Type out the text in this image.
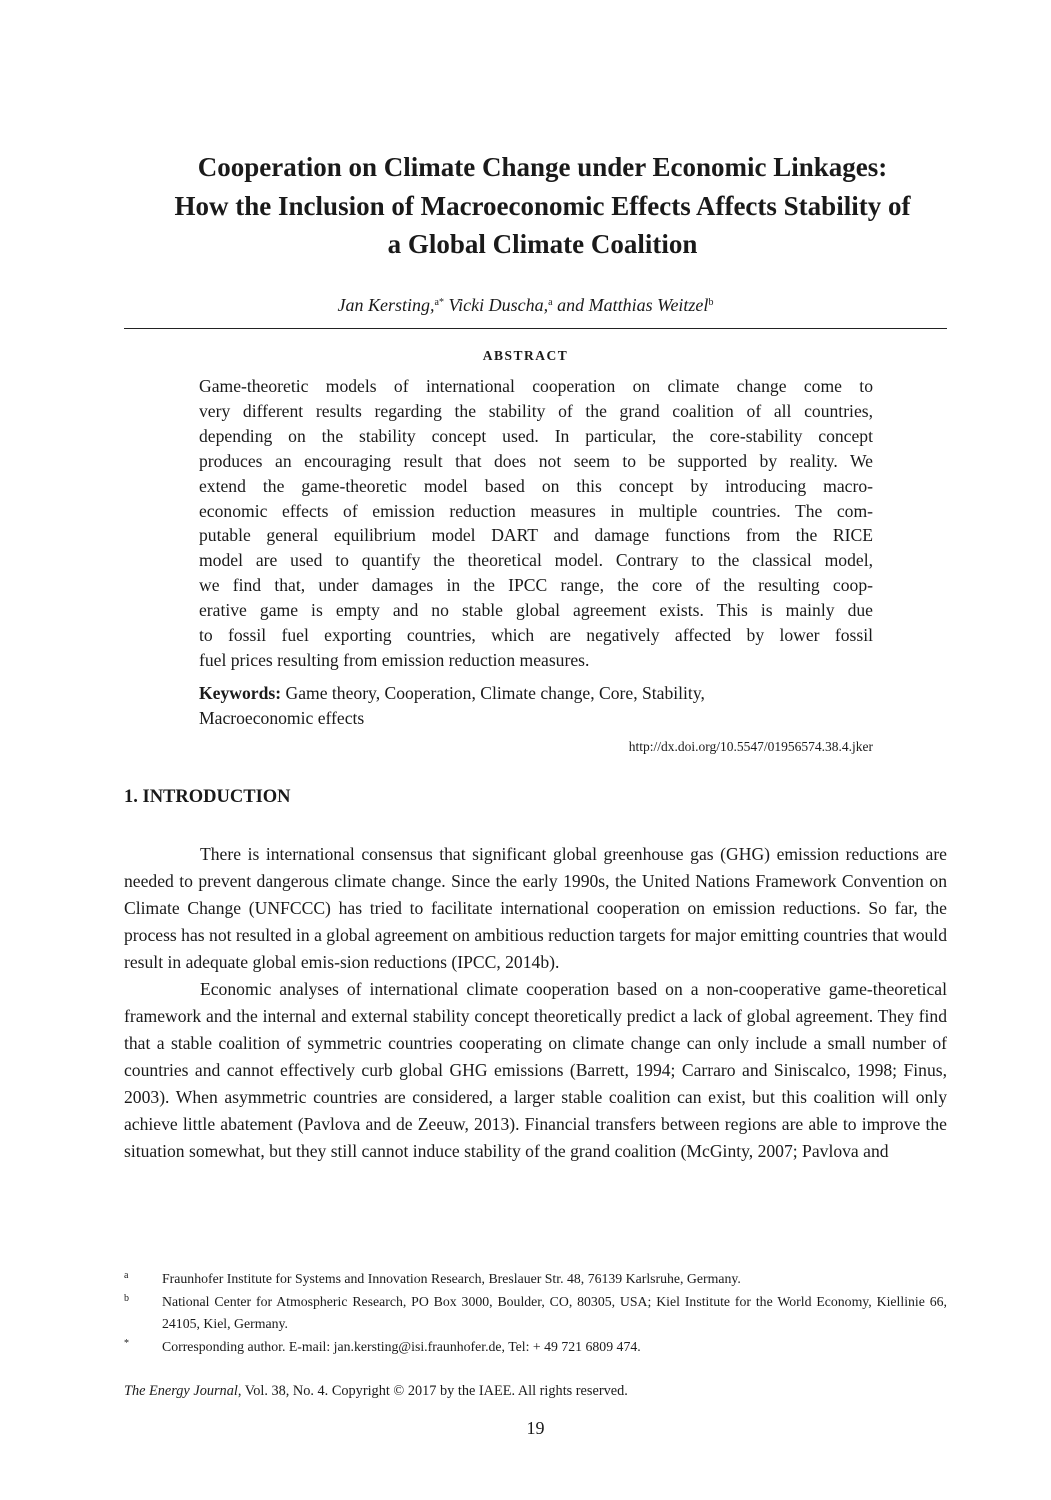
Cooperation on Climate Change under Economic Linkages:
How the Inclusion of Macroeconomic Effects Affects Stability of
a Global Climate Coalition
Jan Kersting,$^{a*}$ Vicki Duscha,$^a$ and Matthias Weitzel$^b$
ABSTRACT

Game-theoretic models of international cooperation on climate change come to
very different results regarding the stability of the grand coalition of all countries,
depending on the stability concept used. In particular, the core-stability concept
produces an encouraging result that does not seem to be supported by reality. We
extend the game-theoretic model based on this concept by introducing macro-
economic effects of emission reduction measures in multiple countries. The com-
putable general equilibrium model DART and damage functions from the RICE
model are used to quantify the theoretical model. Contrary to the classical model,
we find that, under damages in the IPCC range, the core of the resulting coop-
erative game is empty and no stable global agreement exists. This is mainly due
to fossil fuel exporting countries, which are negatively affected by lower fossil
fuel prices resulting from emission reduction measures.

Keywords: Game theory, Cooperation, Climate change, Core, Stability,
Macroeconomic effects
http://dx.doi.org/10.5547/01956574.38.4.jker
1. INTRODUCTION

There is international consensus that significant global greenhouse gas (GHG) emission reductions are needed to prevent dangerous climate change. Since the early 1990s, the United Nations Framework Convention on Climate Change (UNFCCC) has tried to facilitate international cooperation on emission reductions. So far, the process has not resulted in a global agreement on ambitious reduction targets for major emitting countries that would result in adequate global emis-sion reductions (IPCC, 2014b).

Economic analyses of international climate cooperation based on a non-cooperative game-theoretical framework and the internal and external stability concept theoretically predict a lack of global agreement. They find that a stable coalition of symmetric countries cooperating on climate change can only include a small number of countries and cannot effectively curb global GHG emissions (Barrett, 1994; Carraro and Siniscalco, 1998; Finus, 2003). When asymmetric countries are considered, a larger stable coalition can exist, but this coalition will only achieve little abatement (Pavlova and de Zeeuw, 2013). Financial transfers between regions are able to improve the situation somewhat, but they still cannot induce stability of the grand coalition (McGinty, 2007; Pavlova and

a Fraunhofer Institute for Systems and Innovation Research, Breslauer Str. 48, 76139 Karlsruhe, Germany.
b National Center for Atmospheric Research, PO Box 3000, Boulder, CO, 80305, USA; Kiel Institute for the World Economy, Kiellinie 66, 24105, Kiel, Germany.
* Corresponding author. E-mail: jan.kersting@isi.fraunhofer.de, Tel: + 49 721 6809 474.
The Energy Journal, Vol. 38, No. 4. Copyright © 2017 by the IAEE. All rights reserved.
19
